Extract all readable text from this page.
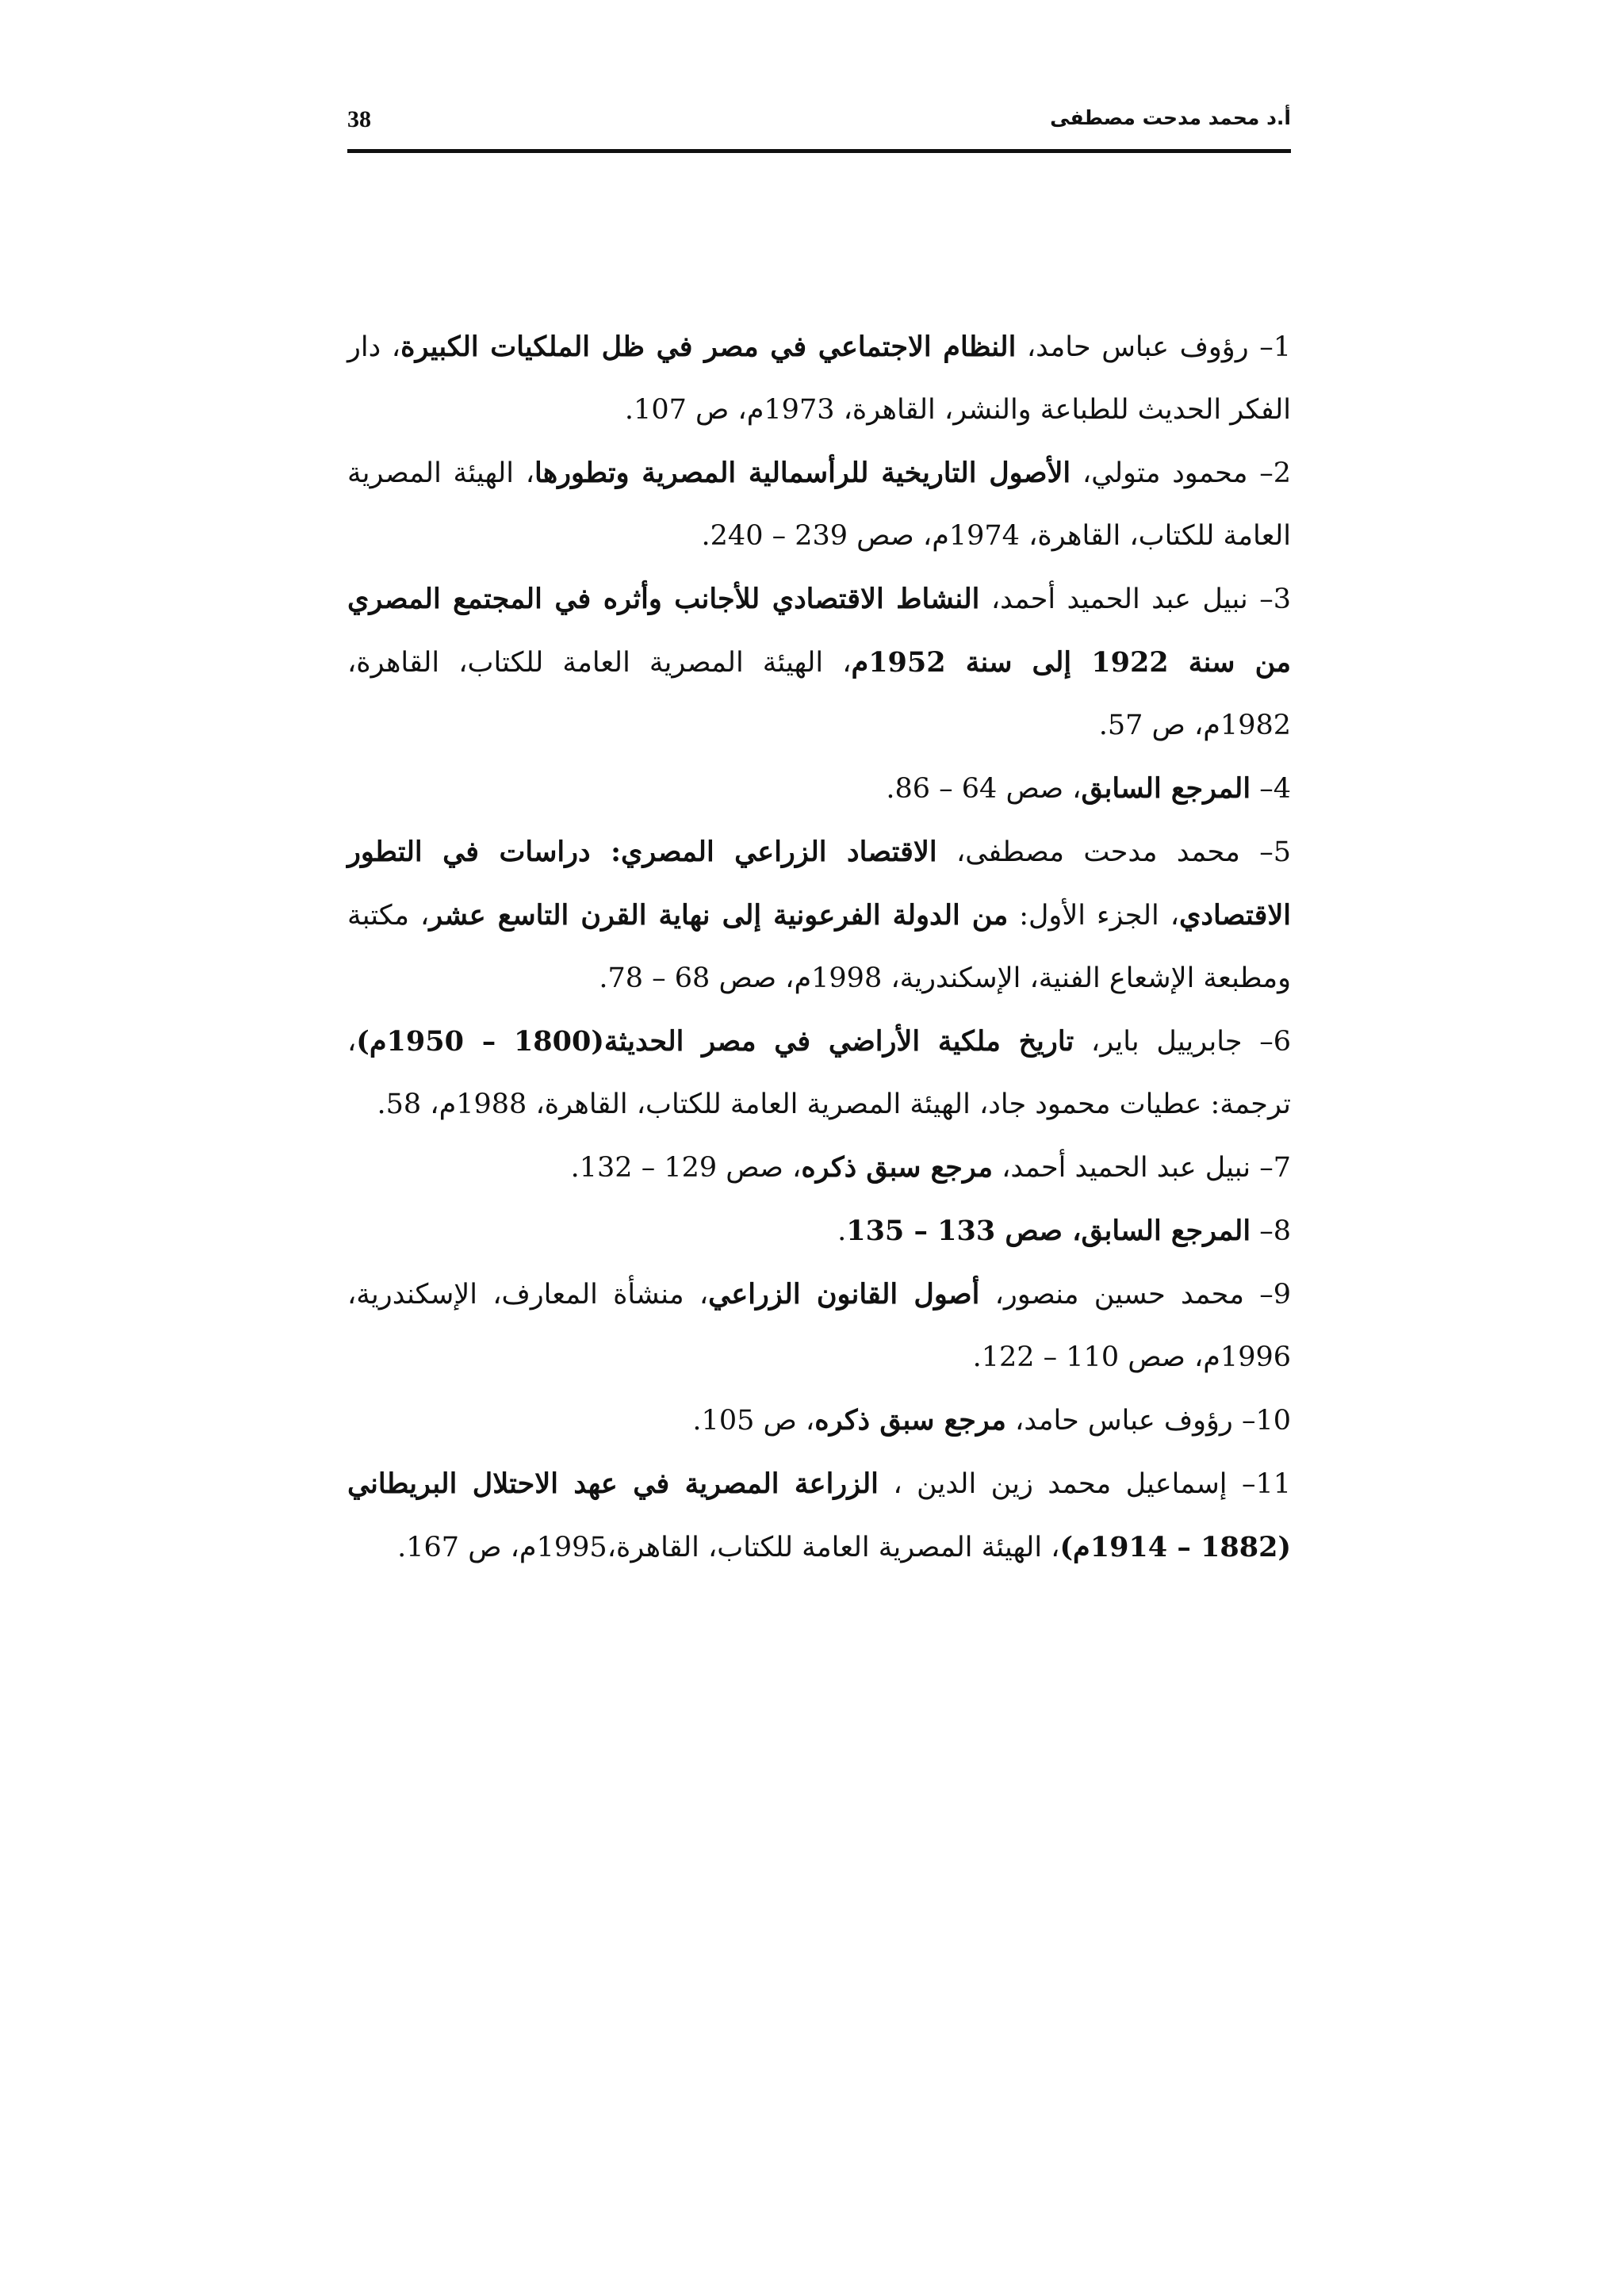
38	أ.د محمد مدحت مصطفى

1– رؤوف عباس حامد، النظام الاجتماعي في مصر في ظل الملكيات الكبيرة، دار الفكر الحديث للطباعة والنشر، القاهرة، 1973م، ص 107.

2– محمود متولي، الأصول التاريخية للرأسمالية المصرية وتطورها، الهيئة المصرية العامة للكتاب، القاهرة، 1974م، صص 239 – 240.

3– نبيل عبد الحميد أحمد، النشاط الاقتصادي للأجانب وأثره في المجتمع المصري من سنة 1922 إلى سنة 1952م، الهيئة المصرية العامة للكتاب، القاهرة، 1982م، ص 57.

4– المرجع السابق، صص 64 – 86.

5– محمد مدحت مصطفى، الاقتصاد الزراعي المصري: دراسات في التطور الاقتصادي، الجزء الأول: من الدولة الفرعونية إلى نهاية القرن التاسع عشر، مكتبة ومطبعة الإشعاع الفنية، الإسكندرية، 1998م، صص 68 – 78.

6– جابرييل باير، تاريخ ملكية الأراضي في مصر الحديثة(1800 – 1950م)، ترجمة: عطيات محمود جاد، الهيئة المصرية العامة للكتاب، القاهرة، 1988م، 58.

7– نبيل عبد الحميد أحمد، مرجع سبق ذكره، صص 129 – 132.

8– المرجع السابق، صص 133 – 135.

9– محمد حسين منصور، أصول القانون الزراعي، منشأة المعارف، الإسكندرية، 1996م، صص 110 – 122.

10– رؤوف عباس حامد، مرجع سبق ذكره، ص 105.

11– إسماعيل محمد زين الدين ، الزراعة المصرية في عهد الاحتلال البريطاني (1882 – 1914م)، الهيئة المصرية العامة للكتاب، القاهرة،1995م، ص 167.
